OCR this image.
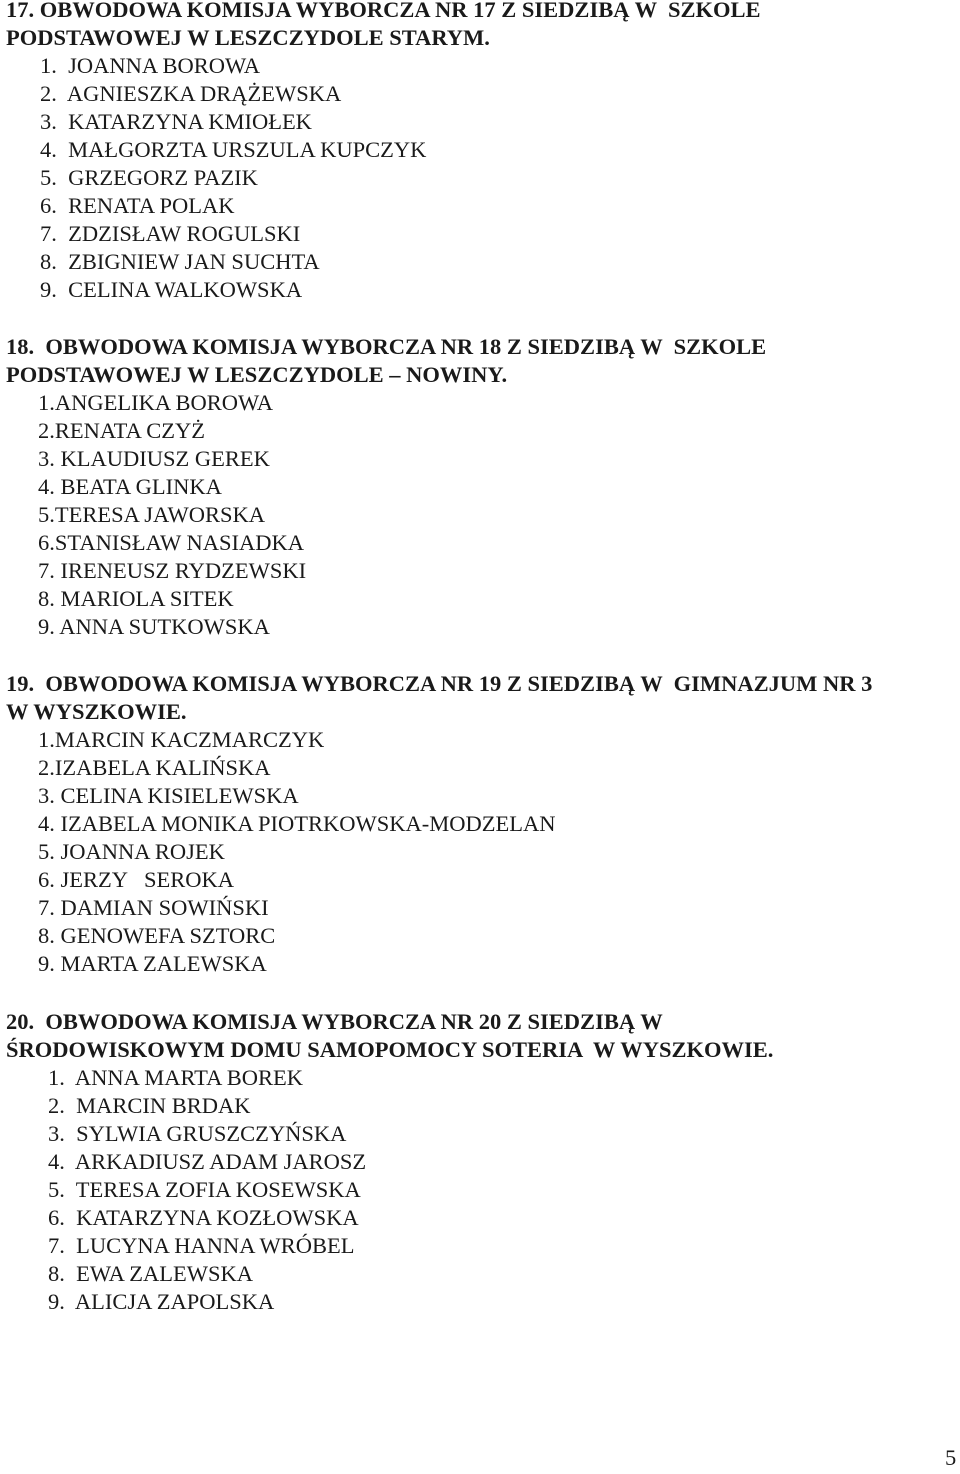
17. OBWODOWA KOMISJA WYBORCZA NR 17 Z SIEDZIBĄ W  SZKOLE
PODSTAWOWEJ W LESZCZYDOLE STARYM.
1.  JOANNA BOROWA
2.  AGNIESZKA DRĄŻEWSKA
3.  KATARZYNA KMIOŁEK
4.  MAŁGORZTA URSZULA KUPCZYK
5.  GRZEGORZ PAZIK
6.  RENATA POLAK
7.  ZDZISŁAW ROGULSKI
8.  ZBIGNIEW JAN SUCHTA
9.  CELINA WALKOWSKA
18.  OBWODOWA KOMISJA WYBORCZA NR 18 Z SIEDZIBĄ W  SZKOLE
PODSTAWOWEJ W LESZCZYDOLE – NOWINY.
1.ANGELIKA BOROWA
2.RENATA CZYŻ
3. KLAUDIUSZ GEREK
4. BEATA GLINKA
5.TERESA JAWORSKA
6.STANISŁAW NASIADKA
7. IRENEUSZ RYDZEWSKI
8. MARIOLA SITEK
9. ANNA SUTKOWSKA
19.  OBWODOWA KOMISJA WYBORCZA NR 19 Z SIEDZIBĄ W  GIMNAZJUM NR 3
W WYSZKOWIE.
1.MARCIN KACZMARCZYK
2.IZABELA KALIŃSKA
3. CELINA KISIELEWSKA
4. IZABELA MONIKA PIOTRKOWSKA-MODZELAN
5. JOANNA ROJEK
6. JERZY   SEROKA
7. DAMIAN SOWIŃSKI
8. GENOWEFA SZTORC
9. MARTA ZALEWSKA
20.  OBWODOWA KOMISJA WYBORCZA NR 20 Z SIEDZIBĄ W
ŚRODOWISKOWYM DOMU SAMOPOMOCY SOTERIA  W WYSZKOWIE.
1.  ANNA MARTA BOREK
2.  MARCIN BRDAK
3.  SYLWIA GRUSZCZYŃSKA
4.  ARKADIUSZ ADAM JAROSZ
5.  TERESA ZOFIA KOSEWSKA
6.  KATARZYNA KOZŁOWSKA
7.  LUCYNA HANNA WRÓBEL
8.  EWA ZALEWSKA
9.  ALICJA ZAPOLSKA
5
